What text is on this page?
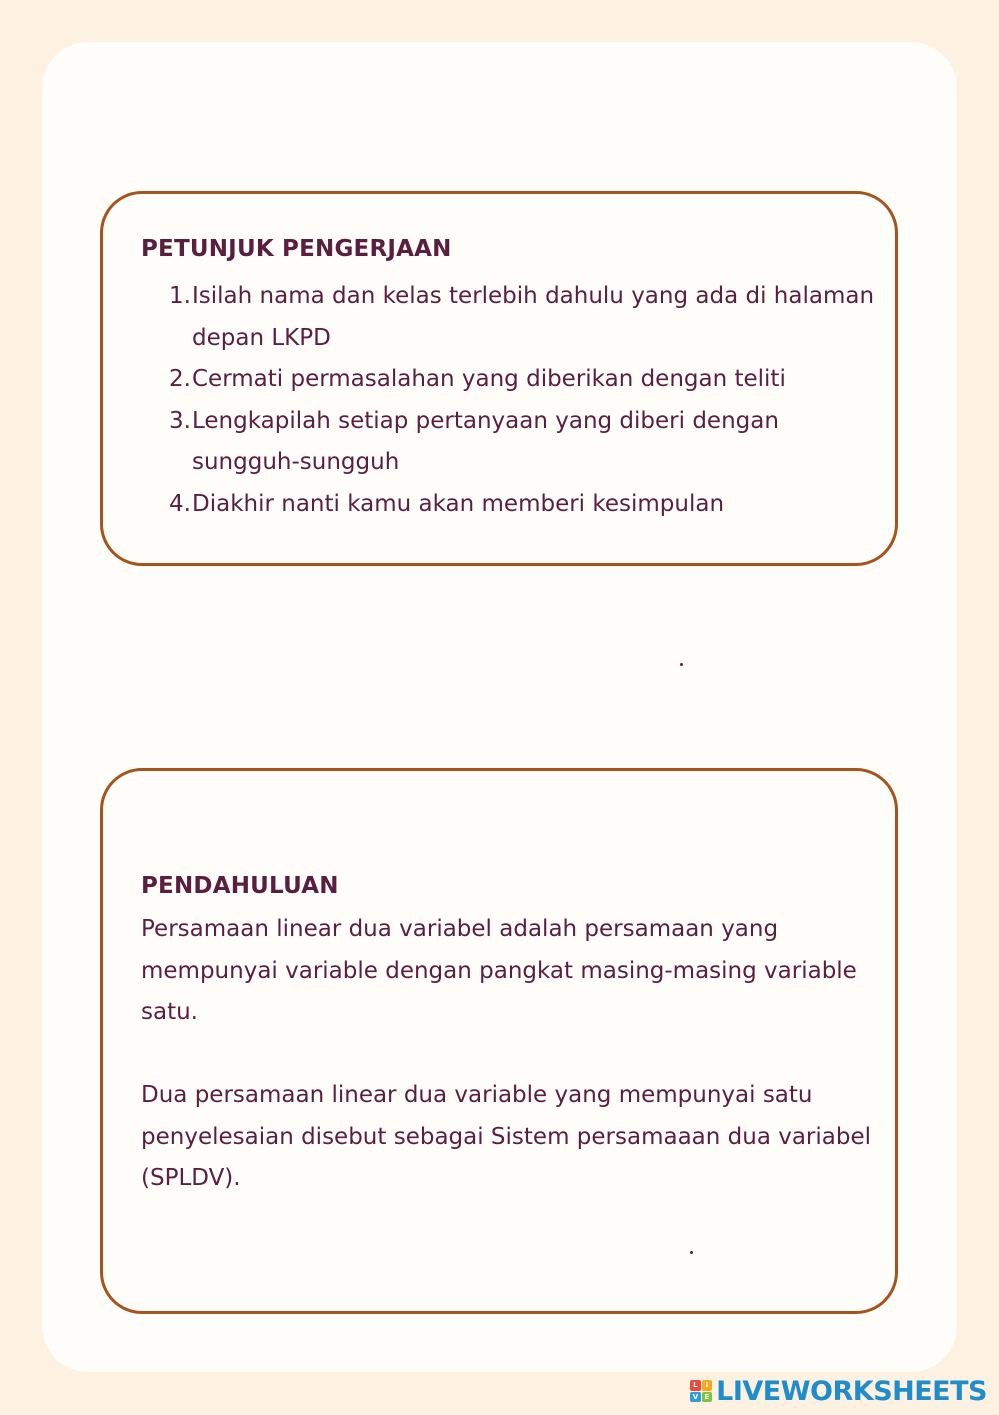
PETUNJUK PENGERJAAN
1. Isilah nama dan kelas terlebih dahulu yang ada di halaman depan LKPD
2. Cermati permasalahan yang diberikan dengan teliti
3. Lengkapilah setiap pertanyaan yang diberi dengan sungguh-sungguh
4. Diakhir nanti kamu akan memberi kesimpulan
PENDAHULUAN

Persamaan linear dua variabel adalah persamaan yang mempunyai variable dengan pangkat masing-masing variable satu.

Dua persamaan linear dua variable yang mempunyai satu penyelesaian disebut sebagai Sistem persamaaan dua variabel (SPLDV).

L	I
V E LIVEWORKSHEETS
